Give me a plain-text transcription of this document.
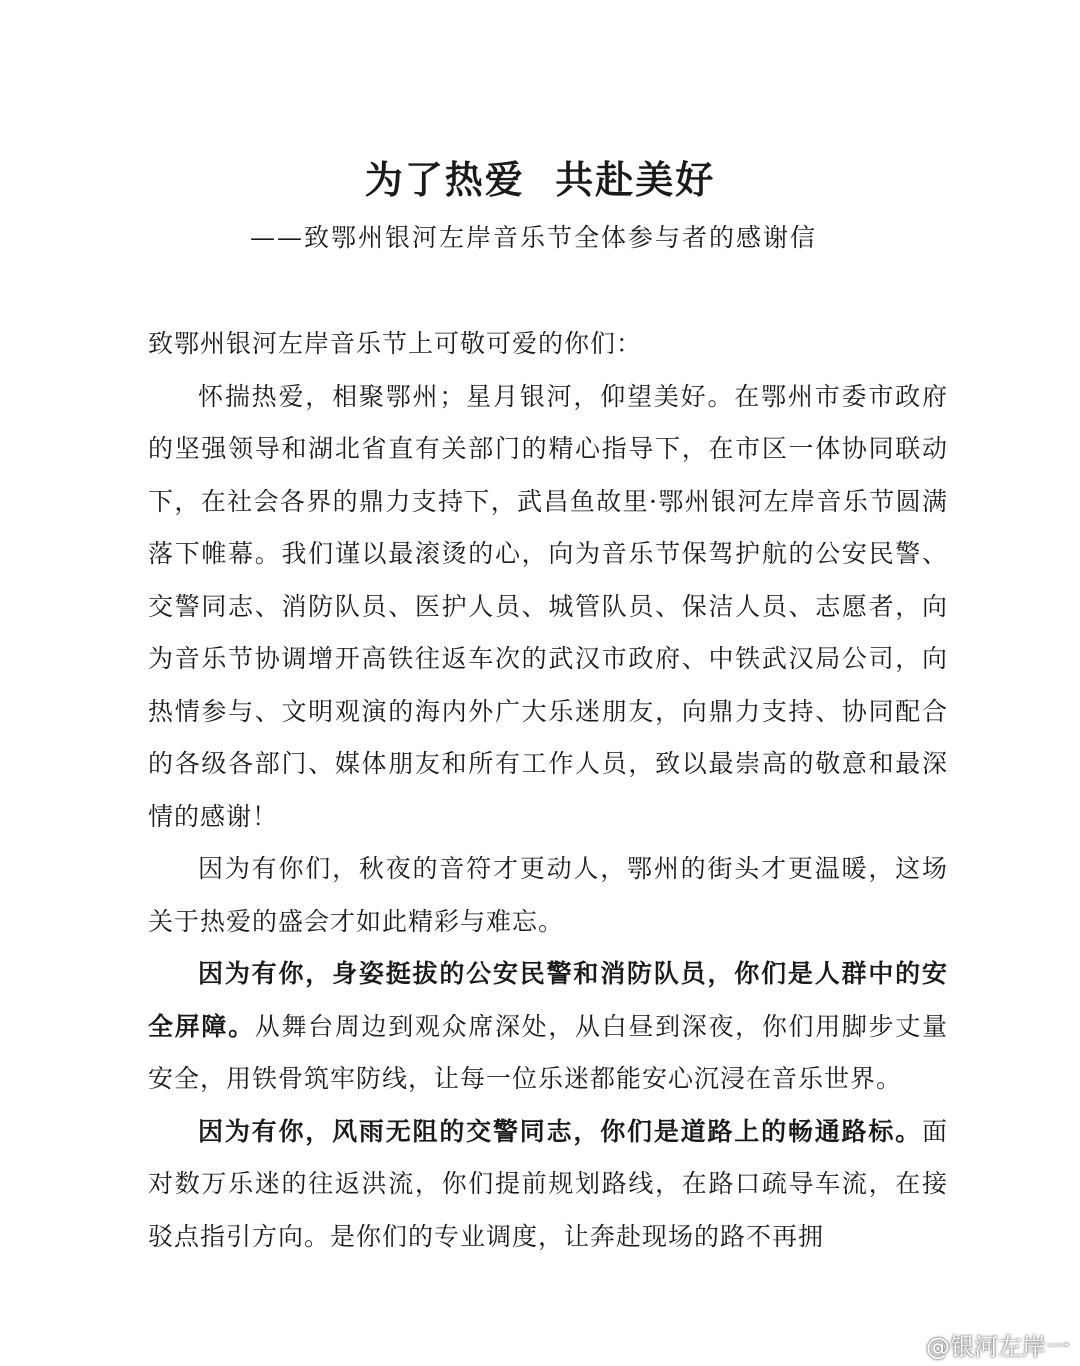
为了热爱  共赴美好
——致鄂州银河左岸音乐节全体参与者的感谢信

致鄂州银河左岸音乐节上可敬可爱的你们：

怀揣热爱，相聚鄂州；星月银河，仰望美好。在鄂州市委市政府的坚强领导和湖北省直有关部门的精心指导下，在市区一体协同联动下，在社会各界的鼎力支持下，武昌鱼故里·鄂州银河左岸音乐节圆满落下帷幕。我们谨以最滚烫的心，向为音乐节保驾护航的公安民警、交警同志、消防队员、医护人员、城管队员、保洁人员、志愿者，向为音乐节协调增开高铁往返车次的武汉市政府、中铁武汉局公司，向热情参与、文明观演的海内外广大乐迷朋友，向鼎力支持、协同配合的各级各部门、媒体朋友和所有工作人员，致以最崇高的敬意和最深情的感谢！

因为有你们，秋夜的音符才更动人，鄂州的街头才更温暖，这场关于热爱的盛会才如此精彩与难忘。

因为有你，身姿挺拔的公安民警和消防队员，你们是人群中的安全屏障。从舞台周边到观众席深处，从白昼到深夜，你们用脚步丈量安全，用铁骨筑牢防线，让每一位乐迷都能安心沉浸在音乐世界。

因为有你，风雨无阻的交警同志，你们是道路上的畅通路标。面对数万乐迷的往返洪流，你们提前规划路线，在路口疏导车流，在接驳点指引方向。是你们的专业调度，让奔赴现场的路不再拥

@银河左岸一
